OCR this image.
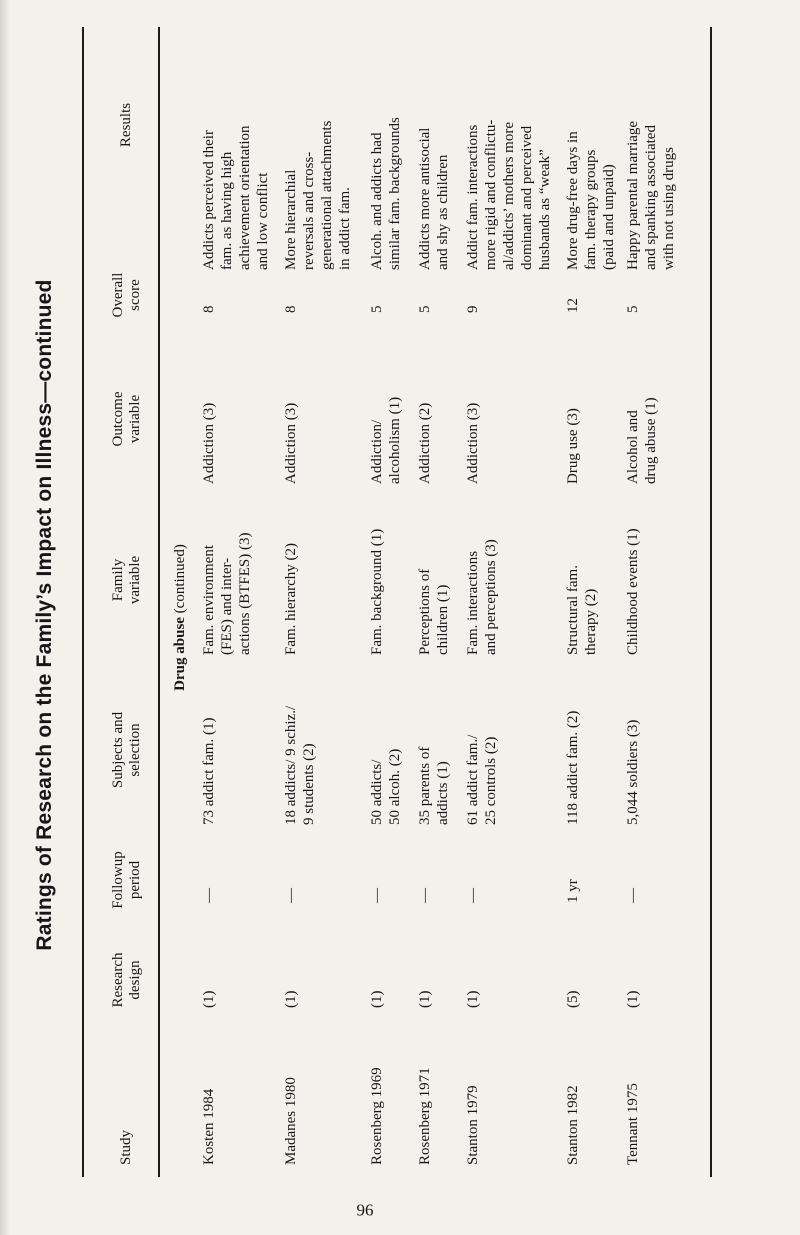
Ratings of Research on the Family’s Impact on Illness—continued
Study
Research design
Followup period
Subjects and selection
Family variable
Outcome variable
Overall score
Results
Drug abuse (continued)
Kosten 1984
(1)
—
73 addict fam. (1)
Fam. environment (FES) and inter- actions (BTFES) (3)
Addiction (3)
8
Addicts perceived their fam. as having high achievement orientation and low conflict
Madanes 1980
(1)
—
18 addicts/ 9 schiz./ 9 students (2)
Fam. hierarchy (2)
Addiction (3)
8
More hierarchial reversals and cross- generational attachments in addict fam.
Rosenberg 1969
(1)
—
50 addicts/ 50 alcoh. (2)
Fam. background (1)
Addiction/ alcoholism (1)
5
Alcoh. and addicts had similar fam. backgrounds
Rosenberg 1971
(1)
—
35 parents of addicts (1)
Perceptions of children (1)
Addiction (2)
5
Addicts more antisocial and shy as children
Stanton 1979
(1)
—
61 addict fam./ 25 controls (2)
Fam. interactions and perceptions (3)
Addiction (3)
9
Addict fam. interactions more rigid and conflictu- al/addicts’ mothers more dominant and perceived husbands as “weak”
Stanton 1982
(5)
1 yr
118 addict fam. (2)
Structural fam. therapy (2)
Drug use (3)
12
More drug-free days in fam. therapy groups (paid and unpaid)
Tennant 1975
(1)
—
5,044 soldiers (3)
Childhood events (1)
Alcohol and drug abuse (1)
5
Happy parental marriage and spanking associated with not using drugs
96
